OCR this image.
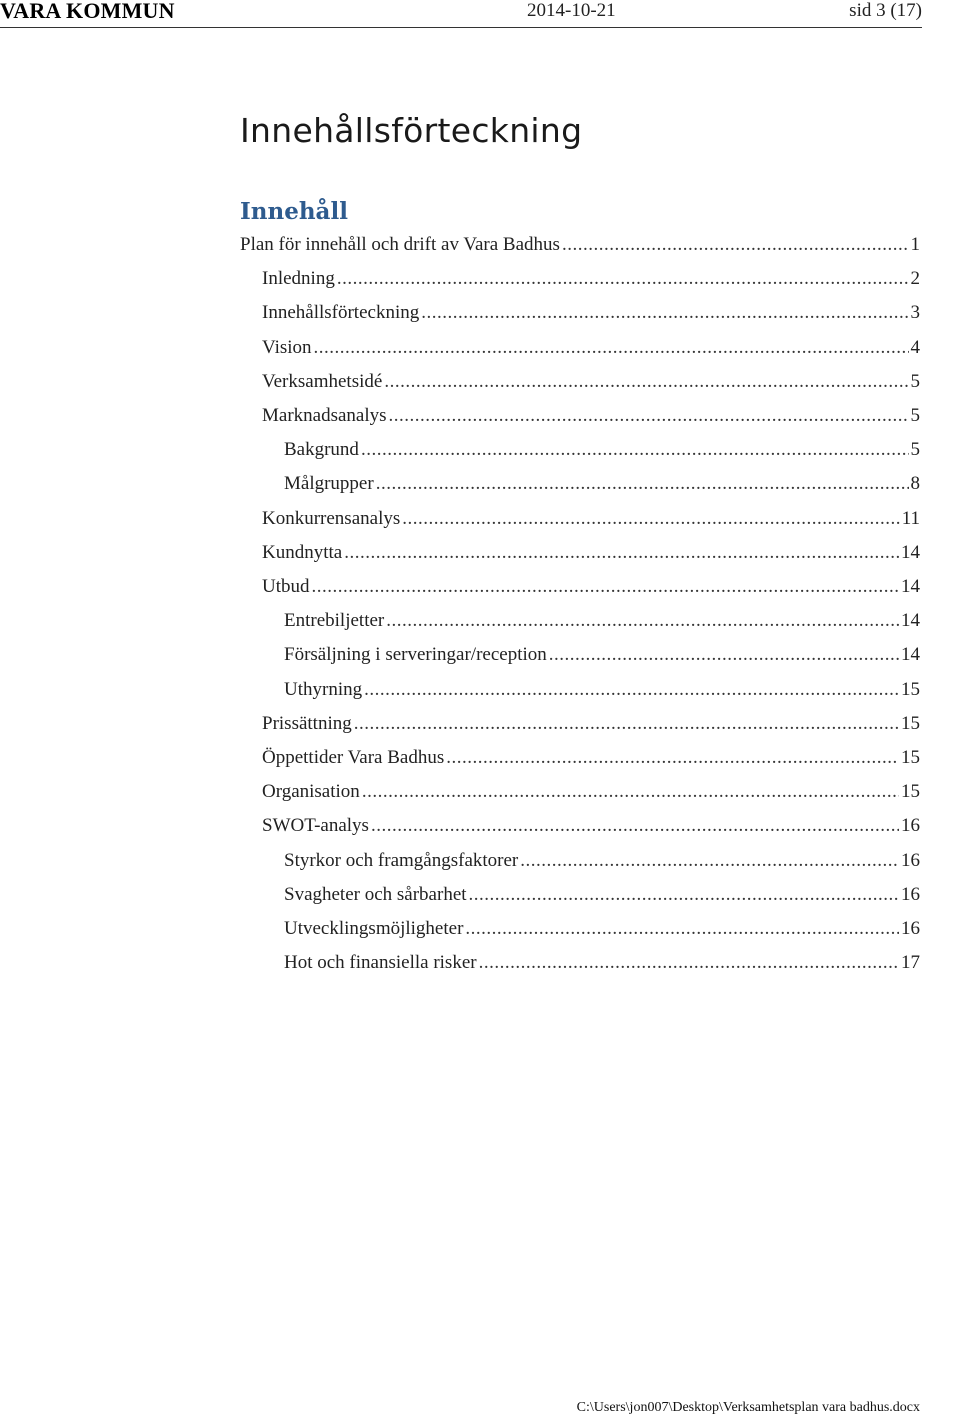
VARA KOMMUN	2014-10-21	sid 3 (17)
Innehållsförteckning
Innehåll
Plan för innehåll och drift av Vara Badhus .....	1
Inledning .....	2
Innehållsförteckning .....	3
Vision .....	4
Verksamhetsidé .....	5
Marknadsanalys .....	5
Bakgrund .....	5
Målgrupper .....	8
Konkurrensanalys .....	11
Kundnytta .....	14
Utbud .....	14
Entrebiljetter .....	14
Försäljning i serveringar/reception .....	14
Uthyrning .....	15
Prissättning .....	15
Öppettider Vara Badhus .....	15
Organisation .....	15
SWOT-analys .....	16
Styrkor och framgångsfaktorer .....	16
Svagheter och sårbarhet .....	16
Utvecklingsmöjligheter .....	16
Hot och finansiella risker .....	17
C:\Users\jon007\Desktop\Verksamhetsplan vara badhus.docx
